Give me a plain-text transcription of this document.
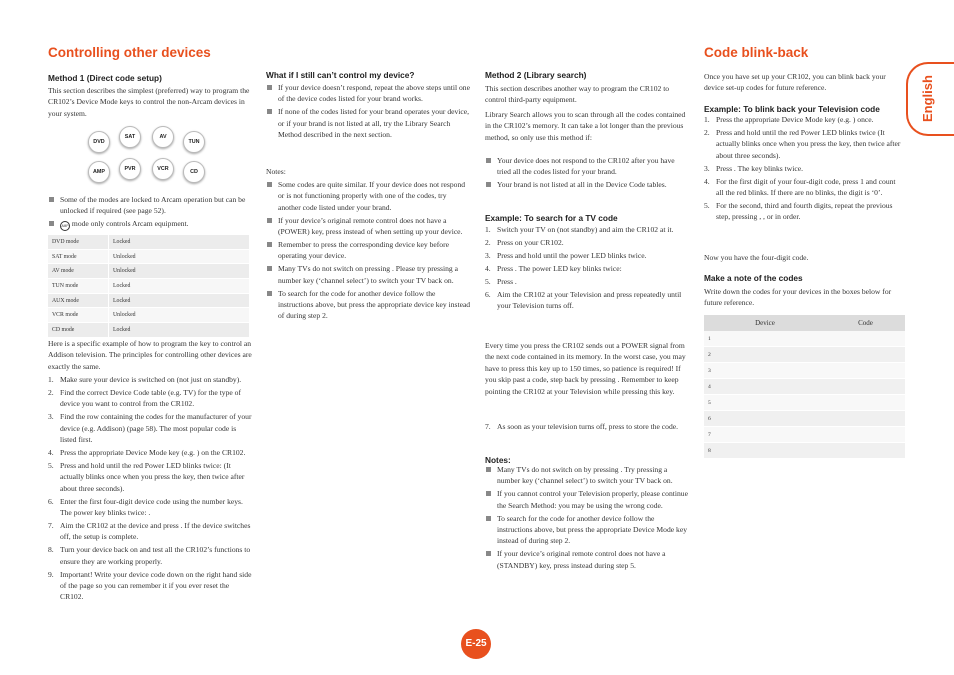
Controlling other devices
Method 1 (Direct code setup)

This section describes the simplest (preferred) way to program the CR102’s Device Mode keys to control the non-Arcam devices in your system.

DVD
SAT	AV
TUN
AMP	PVR	VCR	CD
Some of the modes are locked to Arcam operation but can be unlocked if required (see page 52).
AMP mode only controls Arcam equipment.
DVD mode	Locked
SAT mode	Unlocked
AV mode	Unlocked
TUN mode	Locked
AUX mode	Locked
VCR mode	Unlocked
CD mode	Locked

Here is a specific example of how to program the key to control an Addison television. The principles for controlling other devices are exactly the same.

1. Make sure your device is switched on (not just on standby).
2. Find the correct Device Code table (e.g. TV) for the type of device you want to control from the CR102.
3. Find the row containing the codes for the manufacturer of your device (e.g. Addison) (page 58). The most popular code is listed first.
4. Press the appropriate Device Mode key (e.g. ) on the CR102.
5. Press and hold until the red Power LED blinks twice: (It actually blinks once when you press the key, then twice after about three seconds).
6. Enter the first four-digit device code using the number keys. The power key blinks twice: .
7. Aim the CR102 at the device and press . If the device switches off, the setup is complete.
8. Turn your device back on and test all the CR102’s functions to ensure they are working properly.
9. Important! Write your device code down on the right hand side of the page so you can remember it if you ever reset the CR102.
What if I still can’t control my device?
If your device doesn’t respond, repeat the above steps until one of the device codes listed for your brand works.
If none of the codes listed for your brand operates your device, or if your brand is not listed at all, try the Library Search Method described in the next section.

Notes:

Some codes are quite similar. If your device does not respond or is not functioning properly with one of the codes, try another code listed under your brand.
If your device’s original remote control does not have a (POWER) key, press instead of when setting up your device.
Remember to press the corresponding device key before operating your device.
Many TVs do not switch on pressing . Please try pressing a number key (‘channel select’) to switch your TV back on.
To search for the code for another device follow the instructions above, but press the appropriate device key instead of during step 2.
Method 2 (Library search)

This section describes another way to program the CR102 to control third-party equipment.

Library Search allows you to scan through all the codes contained in the CR102’s memory. It can take a lot longer than the previous method, so only use this method if:

Your device does not respond to the CR102 after you have tried all the codes listed for your brand.
Your brand is not listed at all in the Device Code tables.
Example: To search for a TV code
1. Switch your TV on (not standby) and aim the CR102 at it.
2. Press on your CR102.
3. Press and hold until the power LED blinks twice.
4. Press . The power LED key blinks twice:
5. Press .
6. Aim the CR102 at your Television and press repeatedly until your Television turns off.

Every time you press the CR102 sends out a POWER signal from the next code contained in its memory. In the worst case, you may have to press this key up to 150 times, so patience is required! If you skip past a code, step back by pressing . Remember to keep pointing the CR102 at your Television while pressing this key.

7. As soon as your television turns off, press to store the code.
Notes:
Many TVs do not switch on by pressing . Try pressing a number key (‘channel select’) to switch your TV back on.
If you cannot control your Television properly, please continue the Search Method: you may be using the wrong code.
To search for the code for another device follow the instructions above, but press the appropriate Device Mode key instead of during step 2.
If your device’s original remote control does not have a (STANDBY) key, press instead during step 5.
Code blink-back

Once you have set up your CR102, you can blink back your device set-up codes for future reference.

Example: To blink back your Television code
1. Press the appropriate Device Mode key (e.g. ) once.
2. Press and hold until the red Power LED blinks twice (It actually blinks once when you press the key, then twice after about three seconds).
3. Press . The key blinks twice.
4. For the first digit of your four-digit code, press 1 and count all the red blinks. If there are no blinks, the digit is ‘0’.
5. For the second, third and fourth digits, repeat the previous step, pressing , , or in order.

Now you have the four-digit code.

Make a note of the codes

Write down the codes for your devices in the boxes below for future reference.

Device	Code
1	
2	
3	
4	
5	
6	
7	
8	
English
E-25
